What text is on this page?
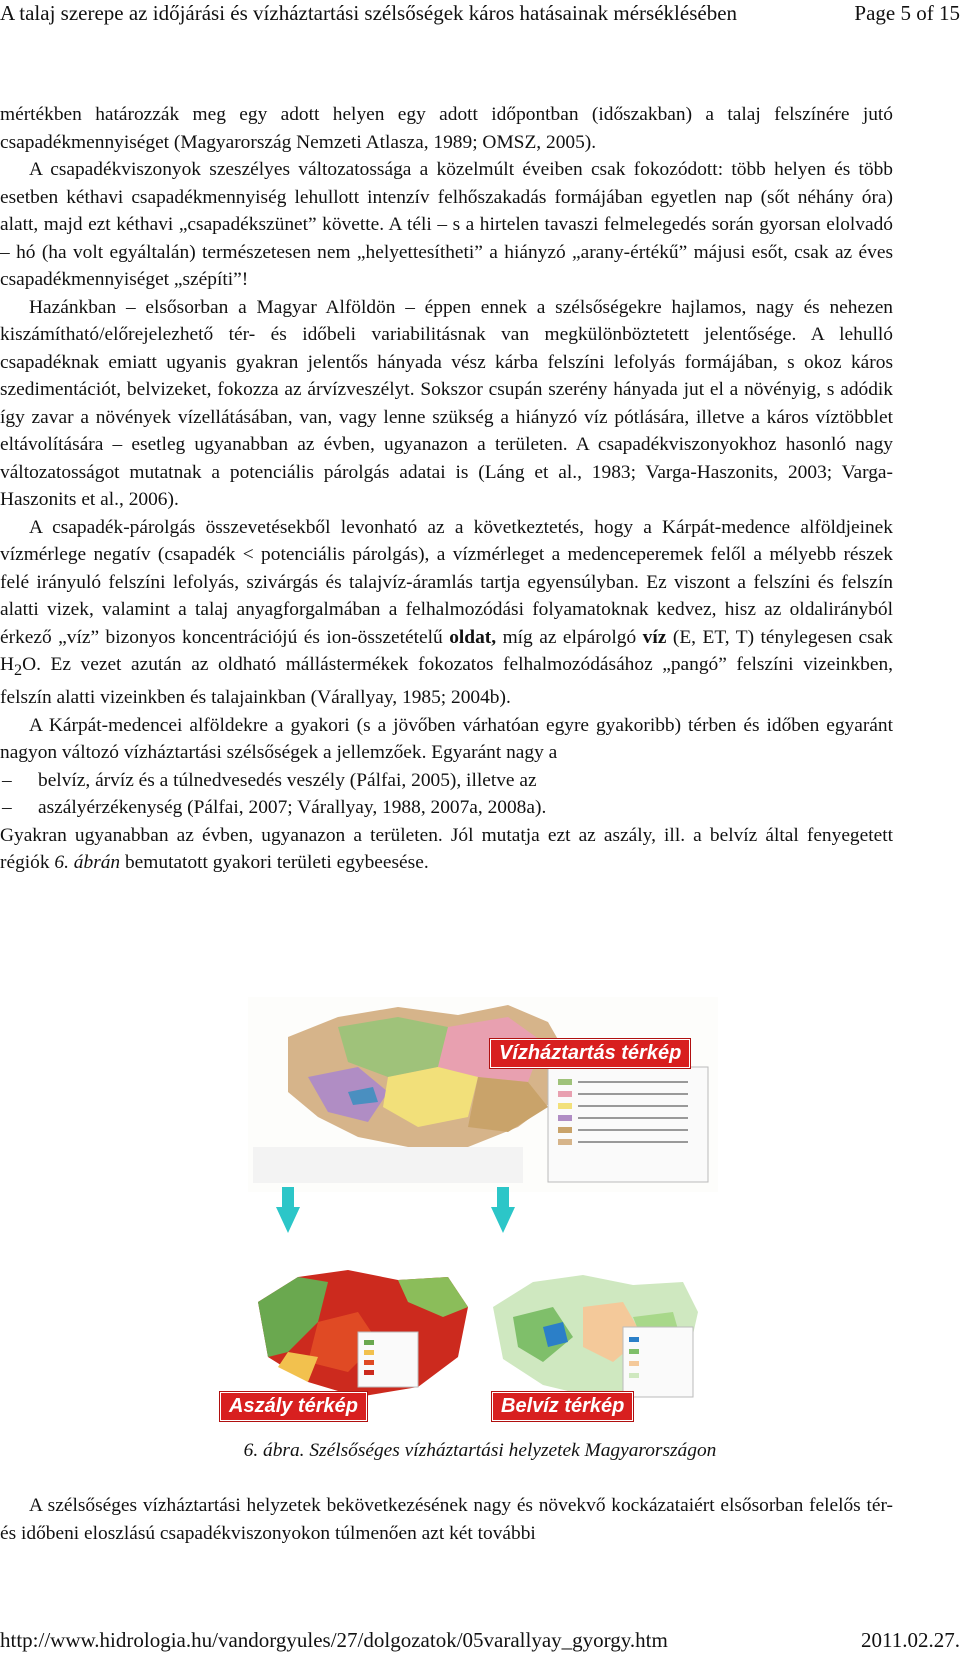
A talaj szerepe az időjárási és vízháztartási szélsőségek káros hatásainak mérséklésében	Page 5 of 15

mértékben határozzák meg egy adott helyen egy adott időpontban (időszakban) a talaj felszínére jutó csapadékmennyiséget (Magyarország Nemzeti Atlasza, 1989; OMSZ, 2005).

A csapadékviszonyok szeszélyes változatossága a közelmúlt éveiben csak fokozódott: több helyen és több esetben kéthavi csapadékmennyiség lehullott intenzív felhőszakadás formájában egyetlen nap (sőt néhány óra) alatt, majd ezt kéthavi „csapadékszünet” követte. A téli – s a hirtelen tavaszi felmelegedés során gyorsan elolvadó – hó (ha volt egyáltalán) természetesen nem „helyettesítheti” a hiányzó „arany-értékű” májusi esőt, csak az éves csapadékmennyiséget „szépíti”!

Hazánkban – elsősorban a Magyar Alföldön – éppen ennek a szélsőségekre hajlamos, nagy és nehezen kiszámítható/előrejelezhető tér- és időbeli variabilitásnak van megkülönböztetett jelentősége. A lehulló csapadéknak emiatt ugyanis gyakran jelentős hányada vész kárba felszíni lefolyás formájában, s okoz káros szedimentációt, belvizeket, fokozza az árvízveszélyt. Sokszor csupán szerény hányada jut el a növényig, s adódik így zavar a növények vízellátásában, van, vagy lenne szükség a hiányzó víz pótlására, illetve a káros víztöbblet eltávolítására – esetleg ugyanabban az évben, ugyanazon a területen. A csapadékviszonyokhoz hasonló nagy változatosságot mutatnak a potenciális párolgás adatai is (Láng et al., 1983; Varga-Haszonits, 2003; Varga-Haszonits et al., 2006).

A csapadék-párolgás összevetésekből levonható az a következtetés, hogy a Kárpát-medence alföldjeinek vízmérlege negatív (csapadék < potenciális párolgás), a vízmérleget a medenceperemek felől a mélyebb részek felé irányuló felszíni lefolyás, szivárgás és talajvíz-áramlás tartja egyensúlyban. Ez viszont a felszíni és felszín alatti vizek, valamint a talaj anyagforgalmában a felhalmozódási folyamatoknak kedvez, hisz az oldalirányból érkező „víz” bizonyos koncentrációjú és ion-összetételű oldat, míg az elpárolgó víz (E, ET, T) ténylegesen csak $H_2O$. Ez vezet azután az oldható mállástermékek fokozatos felhalmozódásához „pangó” felszíni vizeinkben, felszín alatti vizeinkben és talajainkban (Várallyay, 1985; 2004b).

A Kárpát-medencei alföldekre a gyakori (s a jövőben várhatóan egyre gyakoribb) térben és időben egyaránt nagyon változó vízháztartási szélsőségek a jellemzőek. Egyaránt nagy a

–	belvíz, árvíz és a túlnedvesedés veszély (Pálfai, 2005), illetve az
–	aszályérzékenység (Pálfai, 2007; Várallyay, 1988, 2007a, 2008a).

Gyakran ugyanabban az évben, ugyanazon a területen. Jól mutatja ezt az aszály, ill. a belvíz által fenyegetett régiók 6. ábrán bemutatott gyakori területi egybeesése.

Vízháztartás térkép
Aszály térkép	Belvíz térkép
6. ábra. Szélsőséges vízháztartási helyzetek Magyarországon
A szélsőséges vízháztartási helyzetek bekövetkezésének nagy és növekvő kockázataiért elsősorban felelős tér- és időbeni eloszlású csapadékviszonyokon túlmenően azt két további
http://www.hidrologia.hu/vandorgyules/27/dolgozatok/05varallyay_gyorgy.htm	2011.02.27.
